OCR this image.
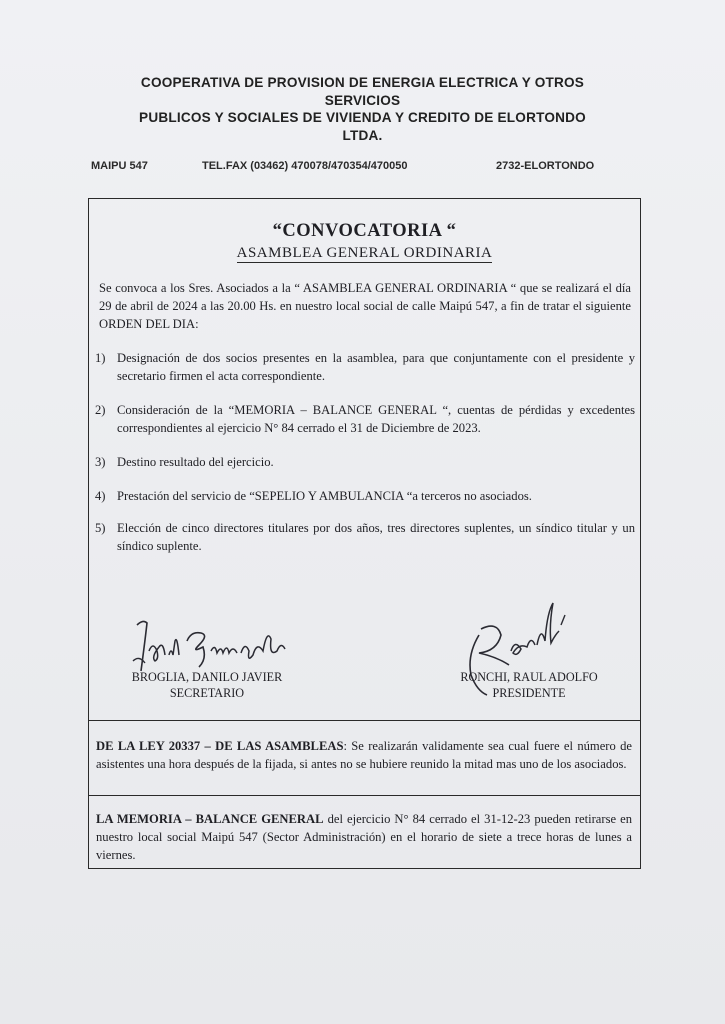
COOPERATIVA DE PROVISION DE ENERGIA ELECTRICA Y OTROS
SERVICIOS
PUBLICOS Y SOCIALES DE VIVIENDA Y CREDITO DE ELORTONDO
LTDA.
MAIPU 547	TEL.FAX (03462) 470078/470354/470050	2732-ELORTONDO
“CONVOCATORIA “
ASAMBLEA GENERAL ORDINARIA
Se convoca a los Sres. Asociados a la “ ASAMBLEA GENERAL ORDINARIA “ que se realizará el día 29 de abril de 2024 a las 20.00 Hs. en nuestro local social de calle Maipú 547, a fin de tratar el siguiente ORDEN DEL DIA:
1) Designación de dos socios presentes en la asamblea, para que conjuntamente con el presidente y secretario firmen el acta correspondiente.
2) Consideración de la “MEMORIA – BALANCE GENERAL “, cuentas de pérdidas y excedentes correspondientes al ejercicio N° 84 cerrado el 31 de Diciembre de 2023.
3) Destino resultado del ejercicio.
4) Prestación del servicio de “SEPELIO Y AMBULANCIA “a terceros no asociados.
5) Elección de cinco directores titulares por dos años, tres directores suplentes, un síndico titular y un síndico suplente.
BROGLIA, DANILO JAVIER
SECRETARIO
RONCHI, RAUL ADOLFO
PRESIDENTE
DE LA LEY 20337 – DE LAS ASAMBLEAS: Se realizarán validamente sea cual fuere el número de asistentes una hora después de la fijada, si antes no se hubiere reunido la mitad mas uno de los asociados.
LA MEMORIA – BALANCE GENERAL del ejercicio N° 84 cerrado el 31-12-23 pueden retirarse en nuestro local social Maipú 547 (Sector Administración) en el horario de siete a trece horas de lunes a viernes.
